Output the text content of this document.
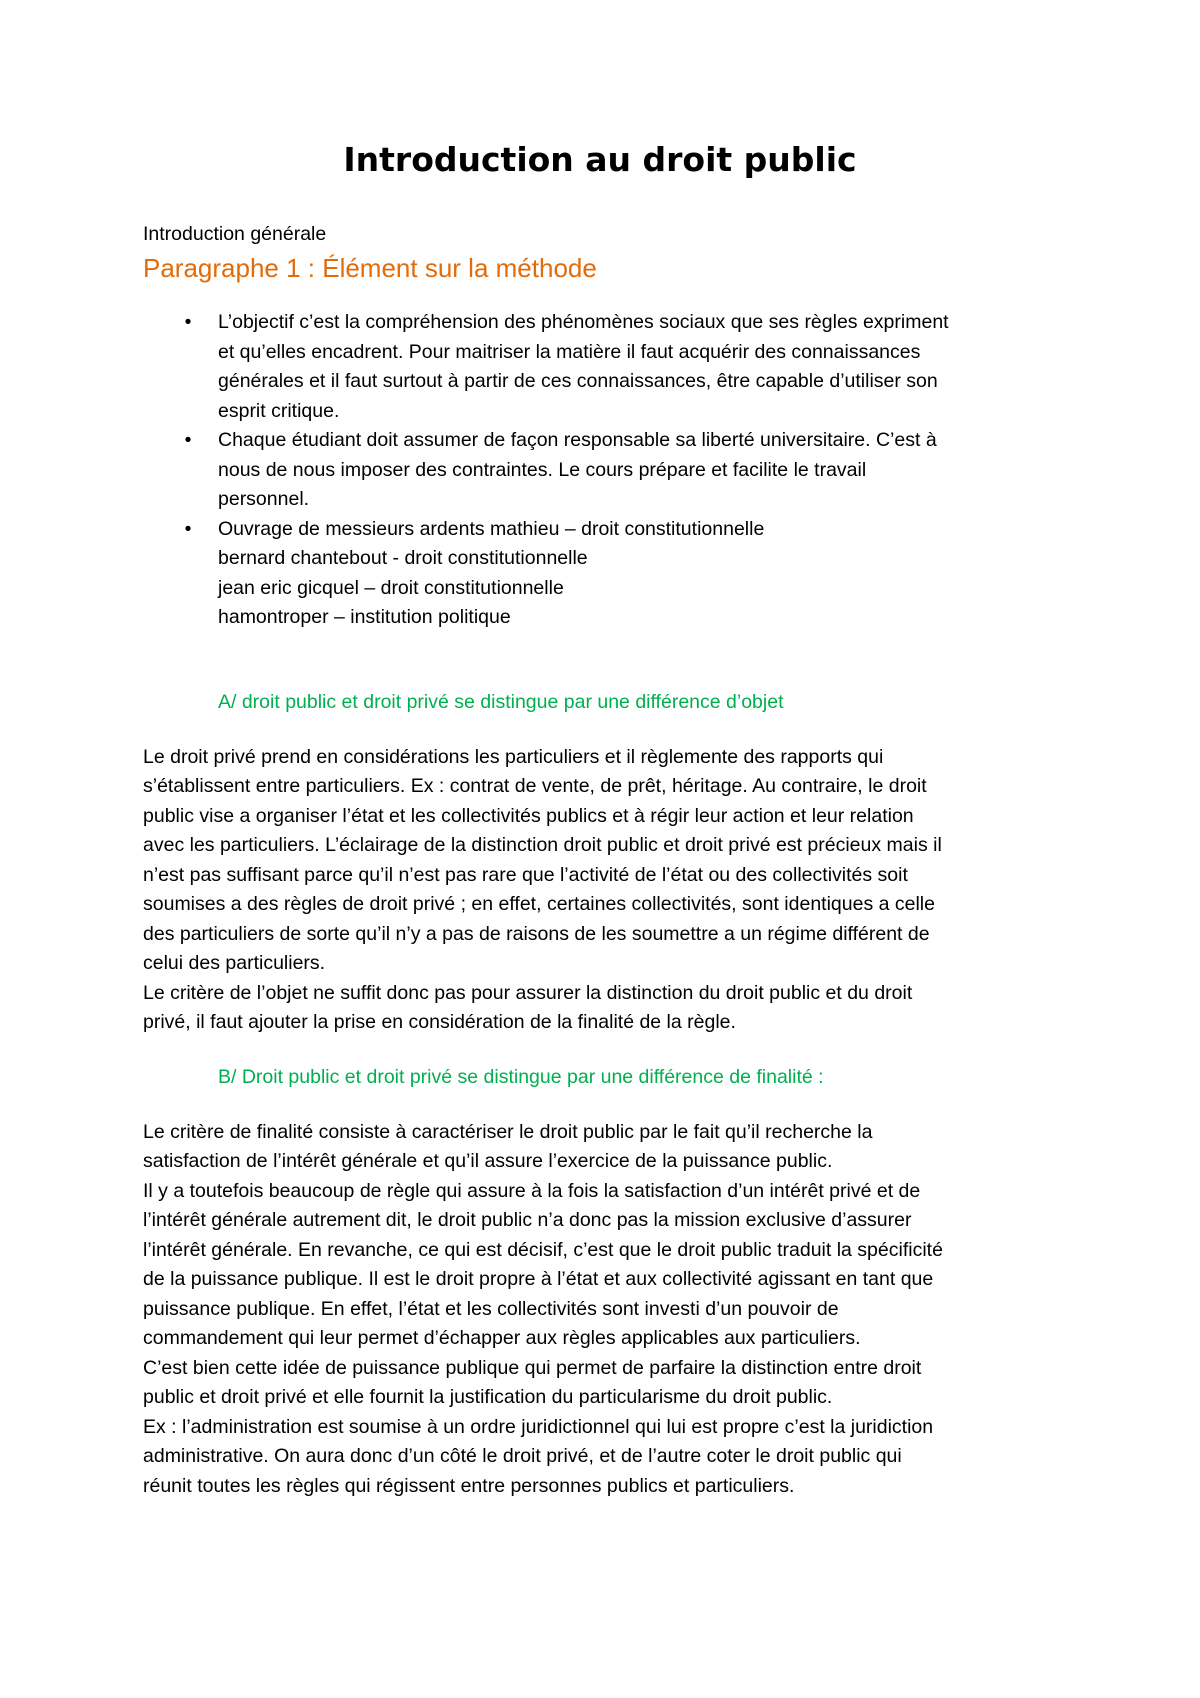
Introduction au droit public

Introduction générale

Paragraphe 1 : Élément sur la méthode
•	L’objectif c’est la compréhension des phénomènes sociaux que ses règles expriment
et qu’elles encadrent. Pour maitriser la matière il faut acquérir des connaissances
générales et il faut surtout à partir de ces connaissances, être capable d’utiliser son
esprit critique.
•	Chaque étudiant doit assumer de façon responsable sa liberté universitaire. C’est à
nous de nous imposer des contraintes. Le cours prépare et facilite le travail
personnel.
•	Ouvrage de messieurs ardents mathieu – droit constitutionnelle
bernard chantebout - droit constitutionnelle
jean eric gicquel – droit constitutionnelle
hamontroper – institution politique
A/ droit public et droit privé se distingue par une différence d’objet
Le droit privé prend en considérations les particuliers et il règlemente des rapports qui
s’établissent entre particuliers. Ex : contrat de vente, de prêt, héritage. Au contraire, le droit
public vise a organiser l’état et les collectivités publics et à régir leur action et leur relation
avec les particuliers. L’éclairage de la distinction droit public et droit privé est précieux mais il
n’est pas suffisant parce qu’il n’est pas rare que l’activité de l’état ou des collectivités soit
soumises a des règles de droit privé ; en effet, certaines collectivités, sont identiques a celle
des particuliers de sorte qu’il n’y a pas de raisons de les soumettre a un régime différent de
celui des particuliers.
Le critère de l’objet ne suffit donc pas pour assurer la distinction du droit public et du droit
privé, il faut ajouter la prise en considération de la finalité de la règle.
B/ Droit public et droit privé se distingue par une différence de finalité :
Le critère de finalité consiste à caractériser le droit public par le fait qu’il recherche la
satisfaction de l’intérêt générale et qu’il assure l’exercice de la puissance public.
Il y a toutefois beaucoup de règle qui assure à la fois la satisfaction d’un intérêt privé et de
l’intérêt générale autrement dit, le droit public n’a donc pas la mission exclusive d’assurer
l’intérêt générale. En revanche, ce qui est décisif, c’est que le droit public traduit la spécificité
de la puissance publique. Il est le droit propre à l’état et aux collectivité agissant en tant que
puissance publique. En effet, l’état et les collectivités sont investi d’un pouvoir de
commandement qui leur permet d’échapper aux règles applicables aux particuliers.
C’est bien cette idée de puissance publique qui permet de parfaire la distinction entre droit
public et droit privé et elle fournit la justification du particularisme du droit public.
Ex : l’administration est soumise à un ordre juridictionnel qui lui est propre c’est la juridiction
administrative. On aura donc d’un côté le droit privé, et de l’autre coter le droit public qui
réunit toutes les règles qui régissent entre personnes publics et particuliers.
